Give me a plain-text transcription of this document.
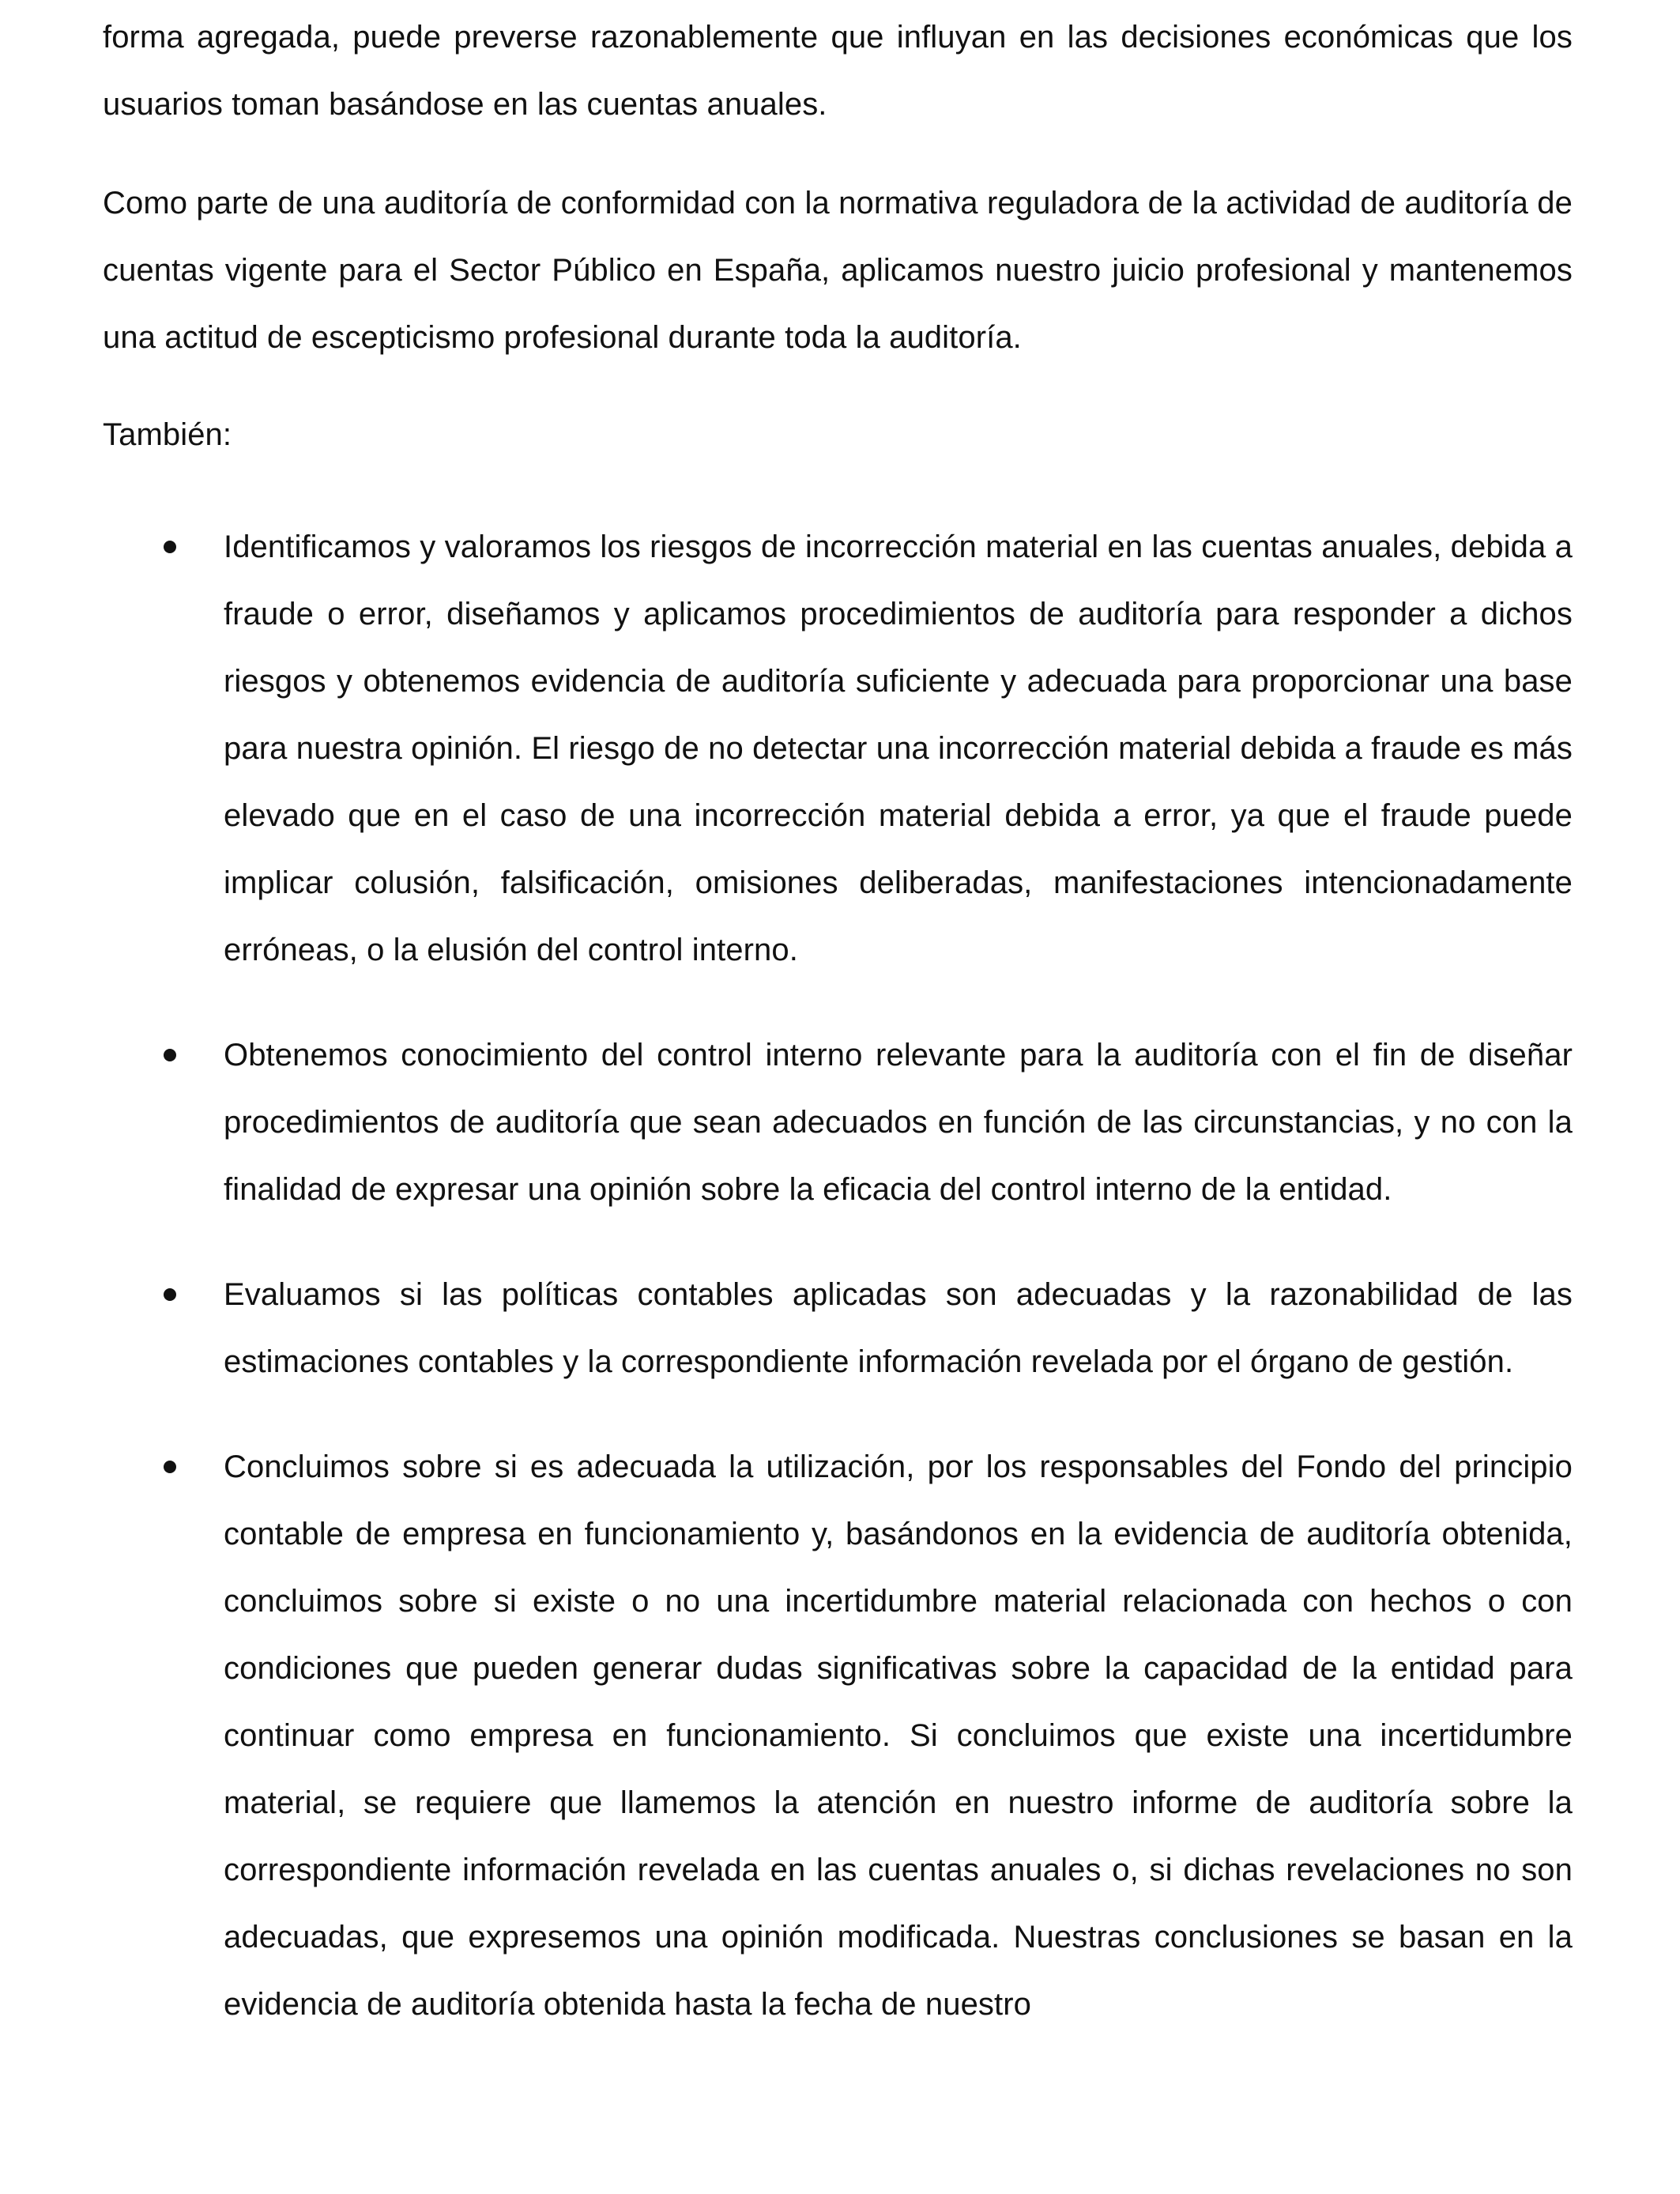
forma agregada, puede preverse razonablemente que influyan en las decisiones económicas que los usuarios toman basándose en las cuentas anuales.

Como parte de una auditoría de conformidad con la normativa reguladora de la actividad de auditoría de cuentas vigente para el Sector Público en España, aplicamos nuestro juicio profesional y mantenemos una actitud de escepticismo profesional durante toda la auditoría.

También:

Identificamos y valoramos los riesgos de incorrección material en las cuentas anuales, debida a fraude o error, diseñamos y aplicamos procedimientos de auditoría para responder a dichos riesgos y obtenemos evidencia de auditoría suficiente y adecuada para proporcionar una base para nuestra opinión. El riesgo de no detectar una incorrección material debida a fraude es más elevado que en el caso de una incorrección material debida a error, ya que el fraude puede implicar colusión, falsificación, omisiones deliberadas, manifestaciones intencionadamente erróneas, o la elusión del control interno.
Obtenemos conocimiento del control interno relevante para la auditoría con el fin de diseñar procedimientos de auditoría que sean adecuados en función de las circunstancias, y no con la finalidad de expresar una opinión sobre la eficacia del control interno de la entidad.
Evaluamos si las políticas contables aplicadas son adecuadas y la razonabilidad de las estimaciones contables y la correspondiente información revelada por el órgano de gestión.
Concluimos sobre si es adecuada la utilización, por los responsables del Fondo del principio contable de empresa en funcionamiento y, basándonos en la evidencia de auditoría obtenida, concluimos sobre si existe o no una incertidumbre material relacionada con hechos o con condiciones que pueden generar dudas significativas sobre la capacidad de la entidad para continuar como empresa en funcionamiento. Si concluimos que existe una incertidumbre material, se requiere que llamemos la atención en nuestro informe de auditoría sobre la correspondiente información revelada en las cuentas anuales o, si dichas revelaciones no son adecuadas, que expresemos una opinión modificada. Nuestras conclusiones se basan en la evidencia de auditoría obtenida hasta la fecha de nuestro
